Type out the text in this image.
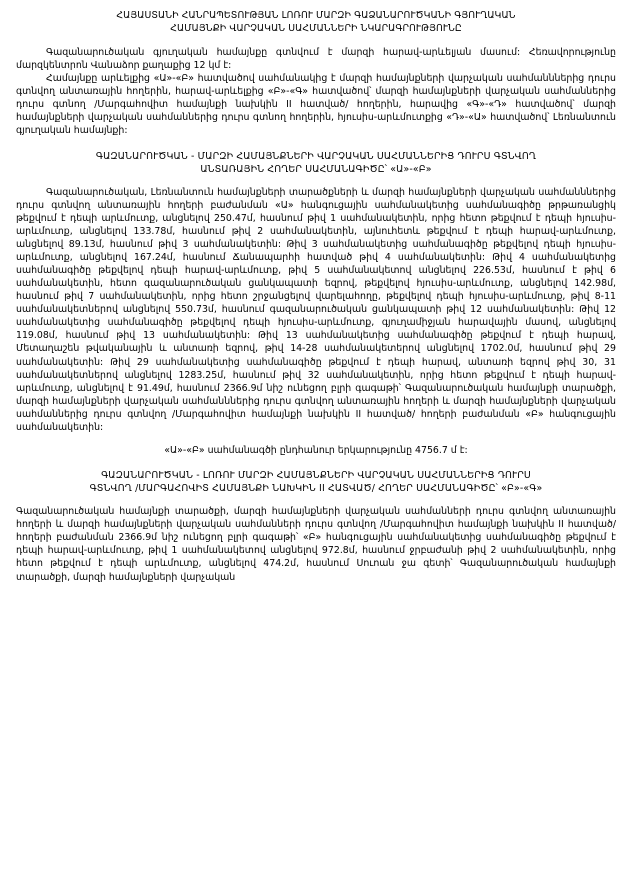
ՀԱՅԱՍՏԱՆԻ ՀԱՆՐԱՊԵՏՈՒԹՅԱՆ ԼՈՌՈՒ ՄԱՐԶԻ ԳԱՁԱՆԱՐՈՒԾԿԱՆԻ ԳՅՈՒՂԱԿԱՆ
ՀԱՄԱՅՆՔԻ ՎԱՐՉԱԿԱՆ ՍԱՀՄԱՆՆԵՐԻ ՆԿԱՐԱԳՐՈՒԹՅՈՒՆԸ

Գազանարուծական գյուղական համայնքը գտնվում է մարզի հարավ-արևելյան մասում: Հեռավորությունը մարզկենտրոն Վանաձոր քաղաքից 12 կմ է:

Համայնքը արևելքից «Ա»-«Բ» հատվածով սահմանակից է մարզի համայնքների վարչական սահմանններից դուրս գտնվող անտառային հողերին, հարավ-արևելքից «Բ»-«Գ» հատվածով՝ մարզի համայնքների վարչական սահմաններից դուրս գտնող /Մարգահովիտ համայնքի նախկին II հատված/ հողերին, հարավից «Գ»-«Դ» հատվածով՝ մարզի համայնքների վարչական սահմաններից դուրս գտնող հողերին, հյուսիս-արևմուտքից «Դ»-«Ա» հատվածով՝ Լեռնանտուն գյուղական համայնքի:

ԳԱԶԱՆԱՐՈՒԾԿԱՆ - ՄԱՐԶԻ ՀԱՄԱՅՆՔՆԵՐԻ ՎԱՐՉԱԿԱՆ ՍԱՀՄԱՆՆԵՐԻՑ ԴՈՒՐՍ ԳՏՆՎՈՂ
ԱՆՏԱՌԱՅԻՆ ՀՈՂԵՐ ՍԱՀՄԱՆԱԳԻԾԸ՝ «Ա»-«Բ»

Գազանարուծական, Լեռնանտուն համայնքների տարածքների և մարզի համայնքների վարչական սահմանններից դուրս գտնվող անտառային հողերի բաժանման «Ա» հանգուցային սահմանակետից սահմանագիծը թրթառանցիկ թեքվում է դեպի արևմուտք, անցնելով 250.47մ, հասնում թիվ 1 սահմանակետին, որից հետո թեքվում է դեպի հյուսիս-արևմուտք, անցնելով 133.78մ, հասնում թիվ 2 սահմանակետին, այնուհետև թեքվում է դեպի հարավ-արևմուտք, անցնելով 89.13մ, հասնում թիվ 3 սահմանակետին: Թիվ 3 սահմանակետից սահմանագիծը թեքվելով դեպի հյուսիս-արևմուտք, անցնելով 167.24մ, հասնում Ճանապարհի հատված թիվ 4 սահմանակետին: Թիվ 4 սահմանակետից սահմանագիծը թեքվելով դեպի հարավ-արևմուտք, թիվ 5 սահմանակետով անցնելով 226.53մ, հասնում է թիվ 6 սահմանակետին, հետո գազանարուծական ցանկապատի եզրով, թեքվելով հյուսիս-արևմուտք, անցնելով 142.98մ, հասնում թիվ 7 սահմանակետին, որից հետո շրջանցելով վարելահողը, թեքվելով դեպի հյուսիս-արևմուտք, թիվ 8-11 սահմանակետներով անցնելով 550.73մ, հասնում գազանարուծական ցանկապատի թիվ 12 սահմանակետին: Թիվ 12 սահմանակետից սահմանագիծը թեքվելով դեպի հյուսիս-արևմուտք, գյուղամիջյան հարավային մասով, անցնելով 119.08մ, հասնում թիվ 13 սահմանակետին: Թիվ 13 սահմանակետից սահմանագիծը թեքվում է դեպի հարավ, Մետաղաշեն թվականային և անտառի եզրով, թիվ 14-28 սահմանակետերով անցնելով 1702.0մ, հասնում թիվ 29 սահմանակետին: Թիվ 29 սահմանակետից սահմանագիծը թեքվում է դեպի հարավ, անտառի եզրով թիվ 30, 31 սահմանակետներով անցնելով 1283.25մ, հասնում թիվ 32 սահմանակետին, որից հետո թեքվում է դեպի հարավ-արևմուտք, անցնելով է 91.49մ, հասնում 2366.9մ նիշ ունեցող բլրի գագաթի՝ Գազանարուծական համայնքի տարածքի, մարզի համայնքների վարչական սահմանններից դուրս գտնվող անտառային հողերի և մարզի համայնքների վարչական սահմաններից դուրս գտնվող /Մարգահովիտ համայնքի նախկին II հատված/ հողերի բաժանման «Բ» հանգուցային սահմանակետին:

«Ա»-«Բ» սահմանագծի ընդհանուր երկարությունը 4756.7 մ է:

ԳԱԶԱՆԱՐՈՒԾԿԱՆ - ԼՈՌՈՒ ՄԱՐԶԻ ՀԱՄԱՅՆՔՆԵՐԻ ՎԱՐՉԱԿԱՆ ՍԱՀՄԱՆՆԵՐԻՑ ԴՈՒՐՍ
ԳՏՆՎՈՂ /ՄԱՐԳԱՀՈՎԻՏ ՀԱՄԱՅՆՔԻ ՆԱԽԿԻՆ II ՀԱՏՎԱԾ/ ՀՈՂԵՐ ՍԱՀՄԱՆԱԳԻԾԸ՝ «Բ»-«Գ»

Գազանարուծական համայնքի տարածքի, մարզի համայնքների վարչական սահմանների դուրս գտնվող անտառային հողերի և մարզի համայնքների վարչական սահմանների դուրս գտնվող /Մարգահովիտ համայնքի նախկին II հատված/ հողերի բաժանման 2366.9մ նիշ ունեցող բլրի գագաթի՝ «Բ» հանգուցային սահմանակետից սահմանագիծը թեքվում է դեպի հարավ-արևմուտք, թիվ 1 սահմանակետով անցնելով 972.8մ, հասնում ջրբաժանի թիվ 2 սահմանակետին, որից հետո թեքվում է դեպի արևմուտք, անցնելով 474.2մ, հասնում Սուոան ջա գետի՝ Գազանարուծական համայնքի տարածքի, մարզի համայնքների վարչական
